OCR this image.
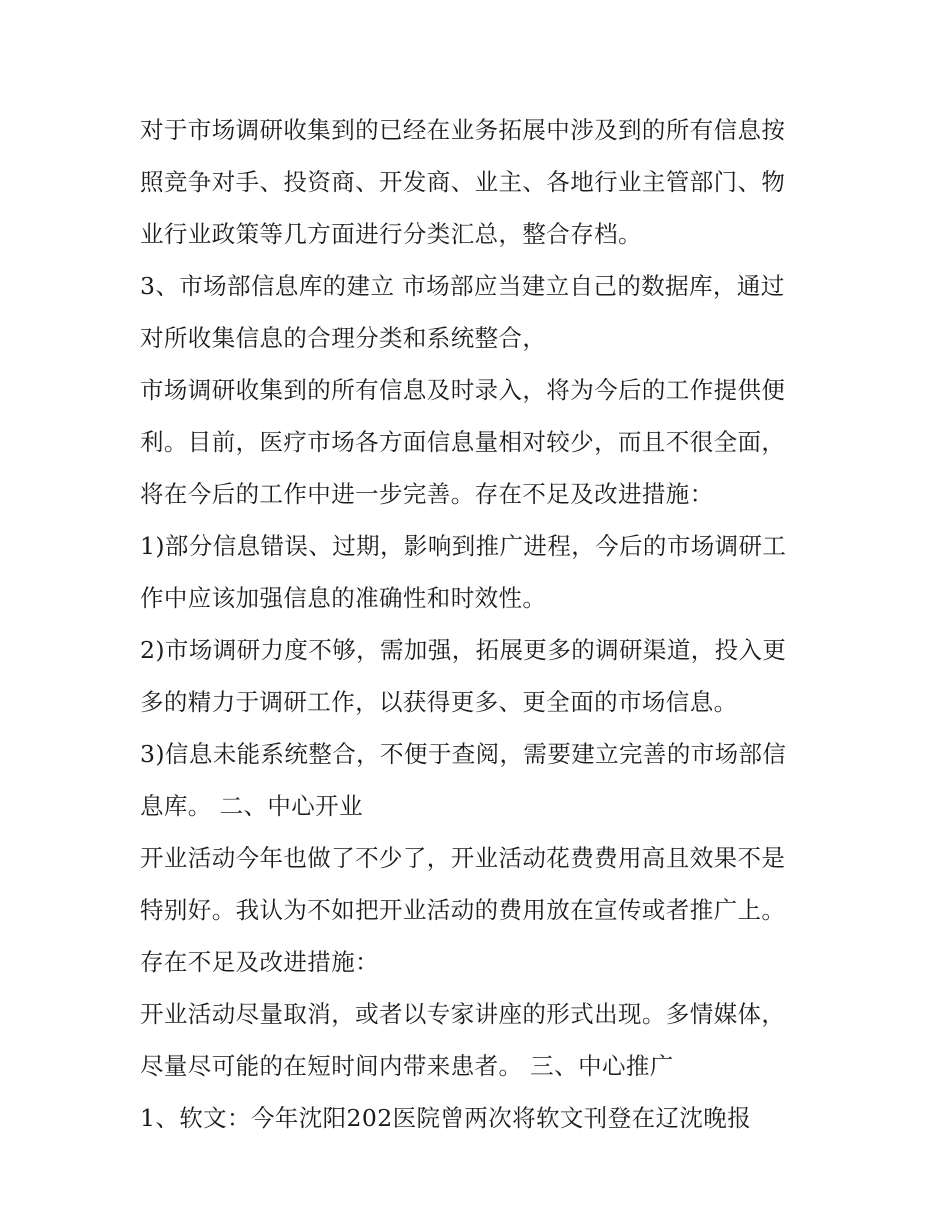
对于市场调研收集到的已经在业务拓展中涉及到的所有信息按
照竞争对手、投资商、开发商、业主、各地行业主管部门、物
业行业政策等几方面进行分类汇总，整合存档。
3、市场部信息库的建立 市场部应当建立自己的数据库，通过
对所收集信息的合理分类和系统整合，
市场调研收集到的所有信息及时录入，将为今后的工作提供便
利。目前，医疗市场各方面信息量相对较少，而且不很全面，
将在今后的工作中进一步完善。存在不足及改进措施：
1)部分信息错误、过期，影响到推广进程，今后的市场调研工
作中应该加强信息的准确性和时效性。
2)市场调研力度不够，需加强，拓展更多的调研渠道，投入更
多的精力于调研工作，以获得更多、更全面的市场信息。
3)信息未能系统整合，不便于查阅，需要建立完善的市场部信
息库。 二、中心开业
开业活动今年也做了不少了，开业活动花费费用高且效果不是
特别好。我认为不如把开业活动的费用放在宣传或者推广上。
存在不足及改进措施：
开业活动尽量取消，或者以专家讲座的形式出现。多情媒体，
尽量尽可能的在短时间内带来患者。 三、中心推广
1、软文：今年沈阳202医院曾两次将软文刊登在辽沈晚报
